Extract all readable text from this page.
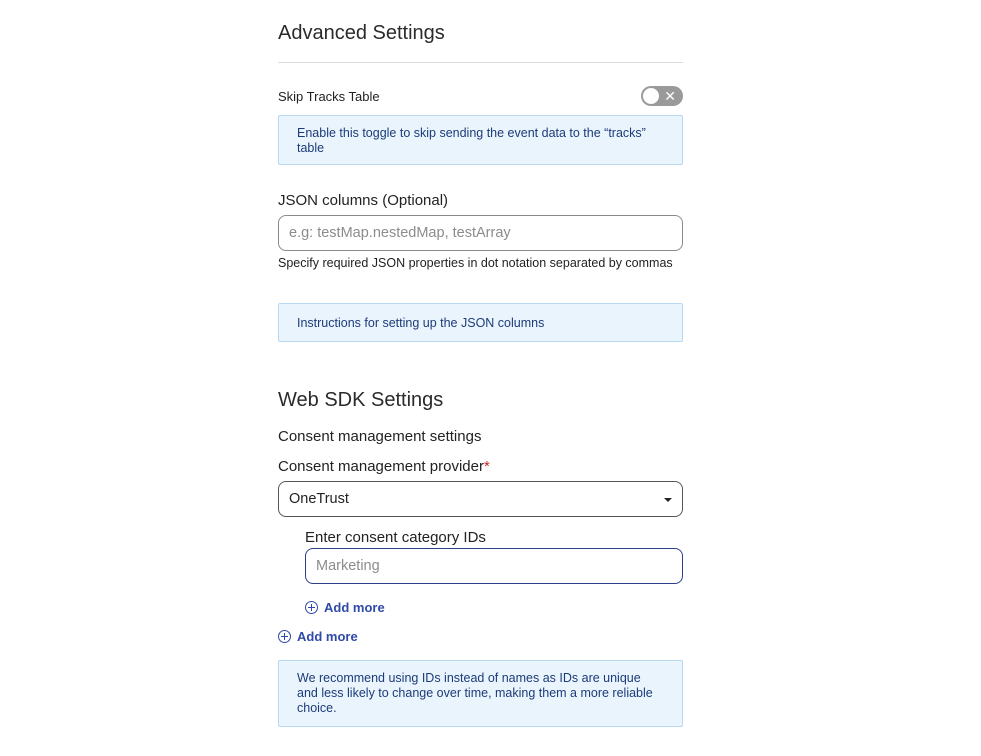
Advanced Settings
Skip Tracks Table	✕
Enable this toggle to skip sending the event data to the “tracks” table
JSON columns (Optional)
e.g: testMap.nestedMap, testArray
Specify required JSON properties in dot notation separated by commas
Instructions for setting up the JSON columns
Web SDK Settings
Consent management settings
Consent management provider*
OneTrust
Enter consent category IDs
Marketing
Add more
Add more
We recommend using IDs instead of names as IDs are unique and less likely to change over time, making them a more reliable choice.
